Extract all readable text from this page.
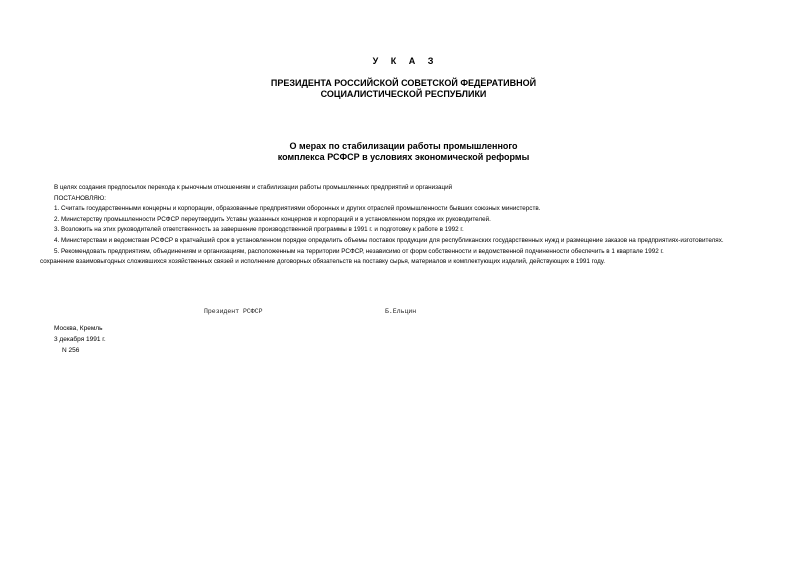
У К А З
ПРЕЗИДЕНТА РОССИЙСКОЙ СОВЕТСКОЙ ФЕДЕРАТИВНОЙ
СОЦИАЛИСТИЧЕСКОЙ РЕСПУБЛИКИ
О мерах по стабилизации работы промышленного
комплекса РСФСР в условиях экономической реформы

В целях создания предпосылок перехода к рыночным отношениям и стабилизации работы промышленных предприятий и организаций

ПОСТАНОВЛЯЮ:

1. Считать государственными концерны и корпорации, образованные предприятиями оборонных и других отраслей промышленности бывших союзных министерств.

2. Министерству промышленности РСФСР переутвердить Уставы указанных концернов и корпораций и в установленном порядке их руководителей.

3. Возложить на этих руководителей ответственность за завершение производственной программы в 1991 г. и подготовку к работе в 1992 г.

4. Министерствам и ведомствам РСФСР в кратчайший срок в установленном порядке определить объемы поставок продукции для республиканских государственных нужд и размещение заказов на предприятиях-изготовителях.

5. Рекомендовать предприятиям, объединениям и организациям, расположенным на территории РСФСР, независимо от форм собственности и ведомственной подчиненности обеспечить в 1 квартале 1992 г.

сохранение взаимовыгодных сложившихся хозяйственных связей и исполнение договорных обязательств на поставку сырья, материалов и комплектующих изделий, действующих в 1991 году.

Президент РСФСР	Б.Ельцин
Москва, Кремль
3 декабря 1991 г.
N 256
